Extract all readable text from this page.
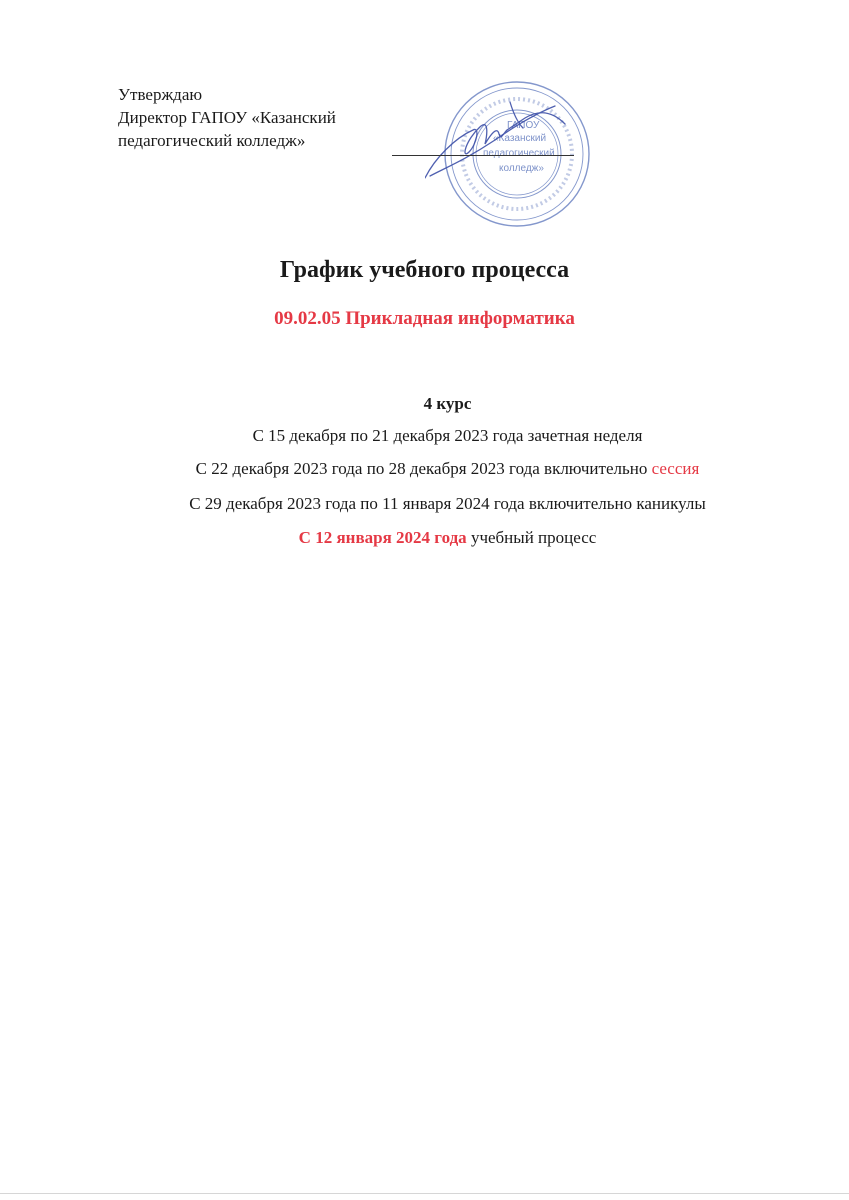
Утверждаю
Директор ГАПОУ «Казанский
педагогический колледж»
ГАПОУ
«Казанский
педагогический
колледж»
График учебного процесса
09.02.05 Прикладная информатика
4 курс
С 15 декабря по 21 декабря 2023 года зачетная неделя
С 22 декабря 2023 года по 28 декабря 2023 года включительно сессия
С 29 декабря 2023 года по 11 января 2024 года включительно каникулы
С 12 января 2024 года учебный процесс
